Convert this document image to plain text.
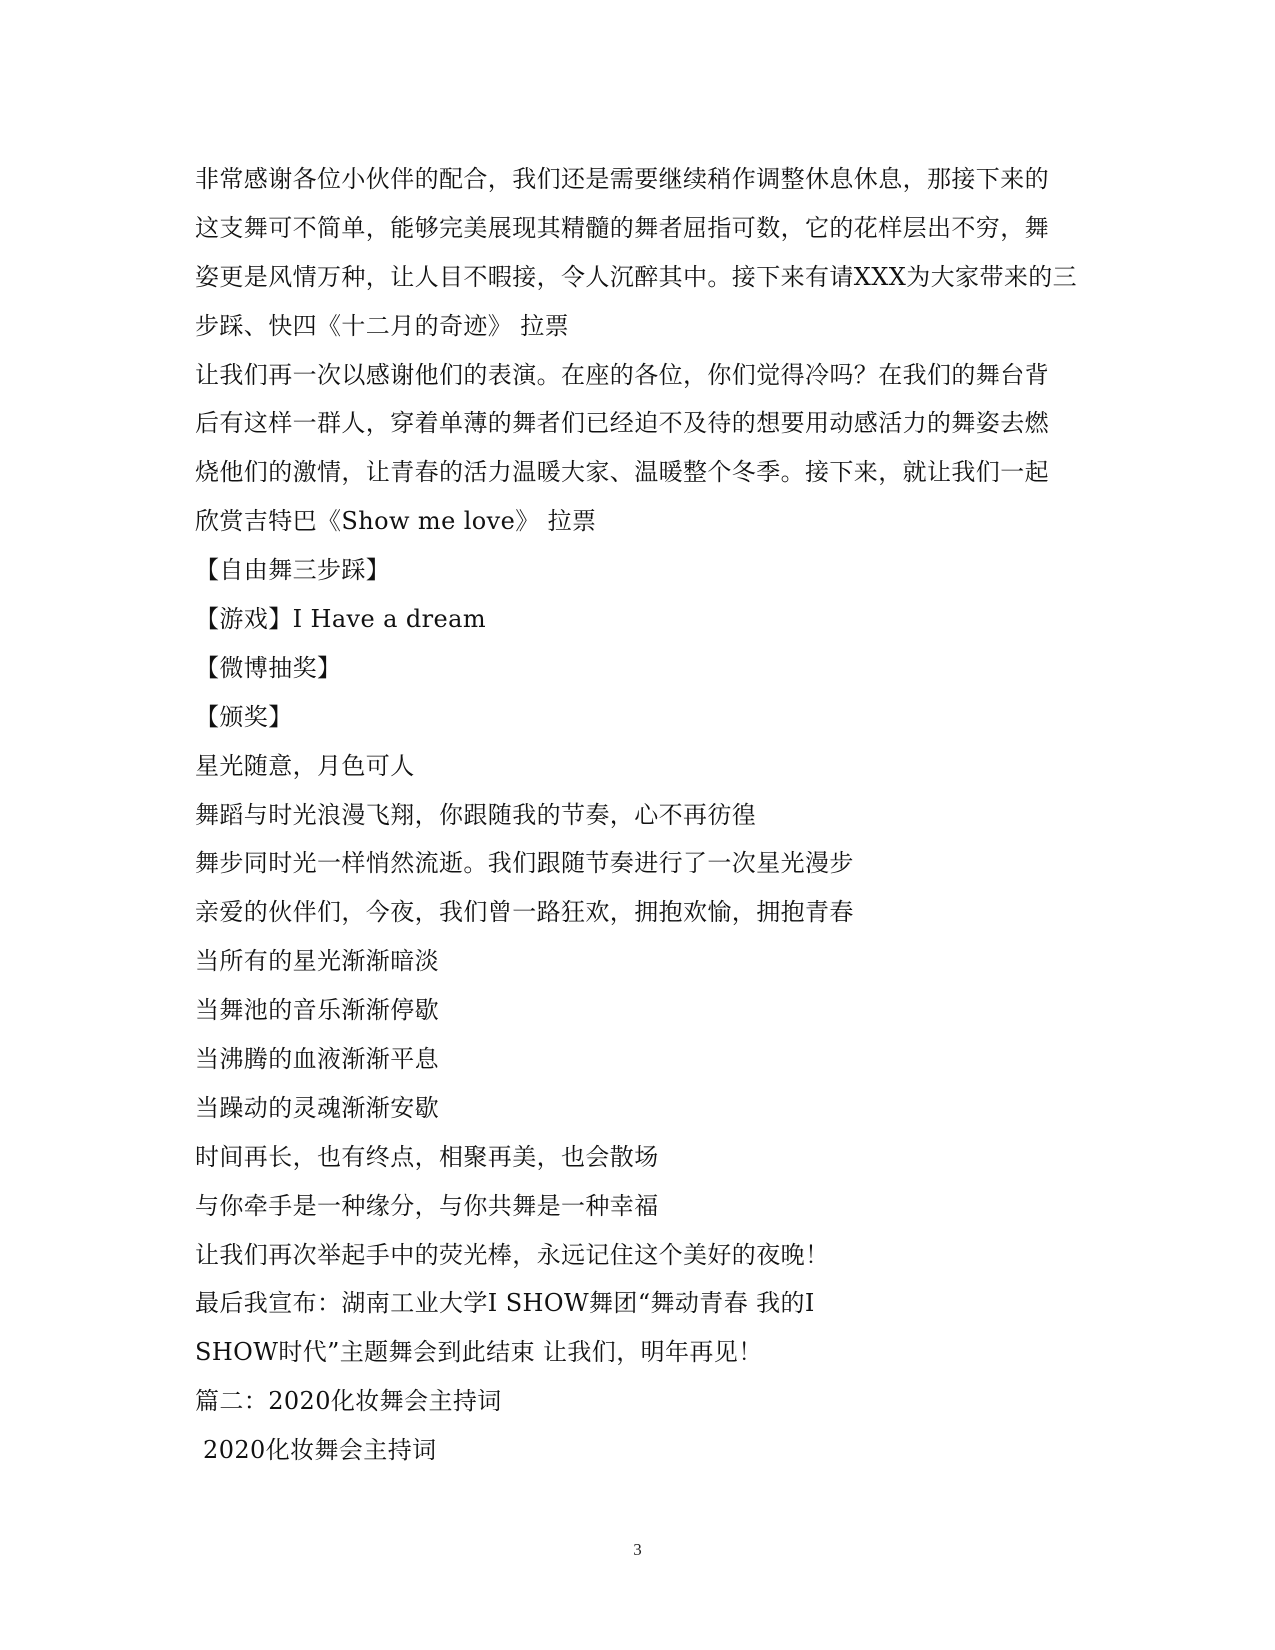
非常感谢各位小伙伴的配合，我们还是需要继续稍作调整休息休息，那接下来的
这支舞可不简单，能够完美展现其精髓的舞者屈指可数，它的花样层出不穷，舞
姿更是风情万种，让人目不暇接，令人沉醉其中。接下来有请XXX为大家带来的三
步踩、快四《十二月的奇迹》 拉票
让我们再一次以感谢他们的表演。在座的各位，你们觉得冷吗？在我们的舞台背
后有这样一群人，穿着单薄的舞者们已经迫不及待的想要用动感活力的舞姿去燃
烧他们的激情，让青春的活力温暖大家、温暖整个冬季。接下来，就让我们一起
欣赏吉特巴《Show me love》 拉票
【自由舞三步踩】
【游戏】I Have a dream
【微博抽奖】
【颁奖】
星光随意，月色可人
舞蹈与时光浪漫飞翔，你跟随我的节奏，心不再彷徨
舞步同时光一样悄然流逝。我们跟随节奏进行了一次星光漫步
亲爱的伙伴们，今夜，我们曾一路狂欢，拥抱欢愉，拥抱青春
当所有的星光渐渐暗淡
当舞池的音乐渐渐停歇
当沸腾的血液渐渐平息
当躁动的灵魂渐渐安歇
时间再长，也有终点，相聚再美，也会散场
与你牵手是一种缘分，与你共舞是一种幸福
让我们再次举起手中的荧光棒，永远记住这个美好的夜晚！
最后我宣布：湖南工业大学I SHOW舞团“舞动青春 我的I
SHOW时代”主题舞会到此结束 让我们，明年再见！
篇二：2020化妆舞会主持词
2020化妆舞会主持词
3
